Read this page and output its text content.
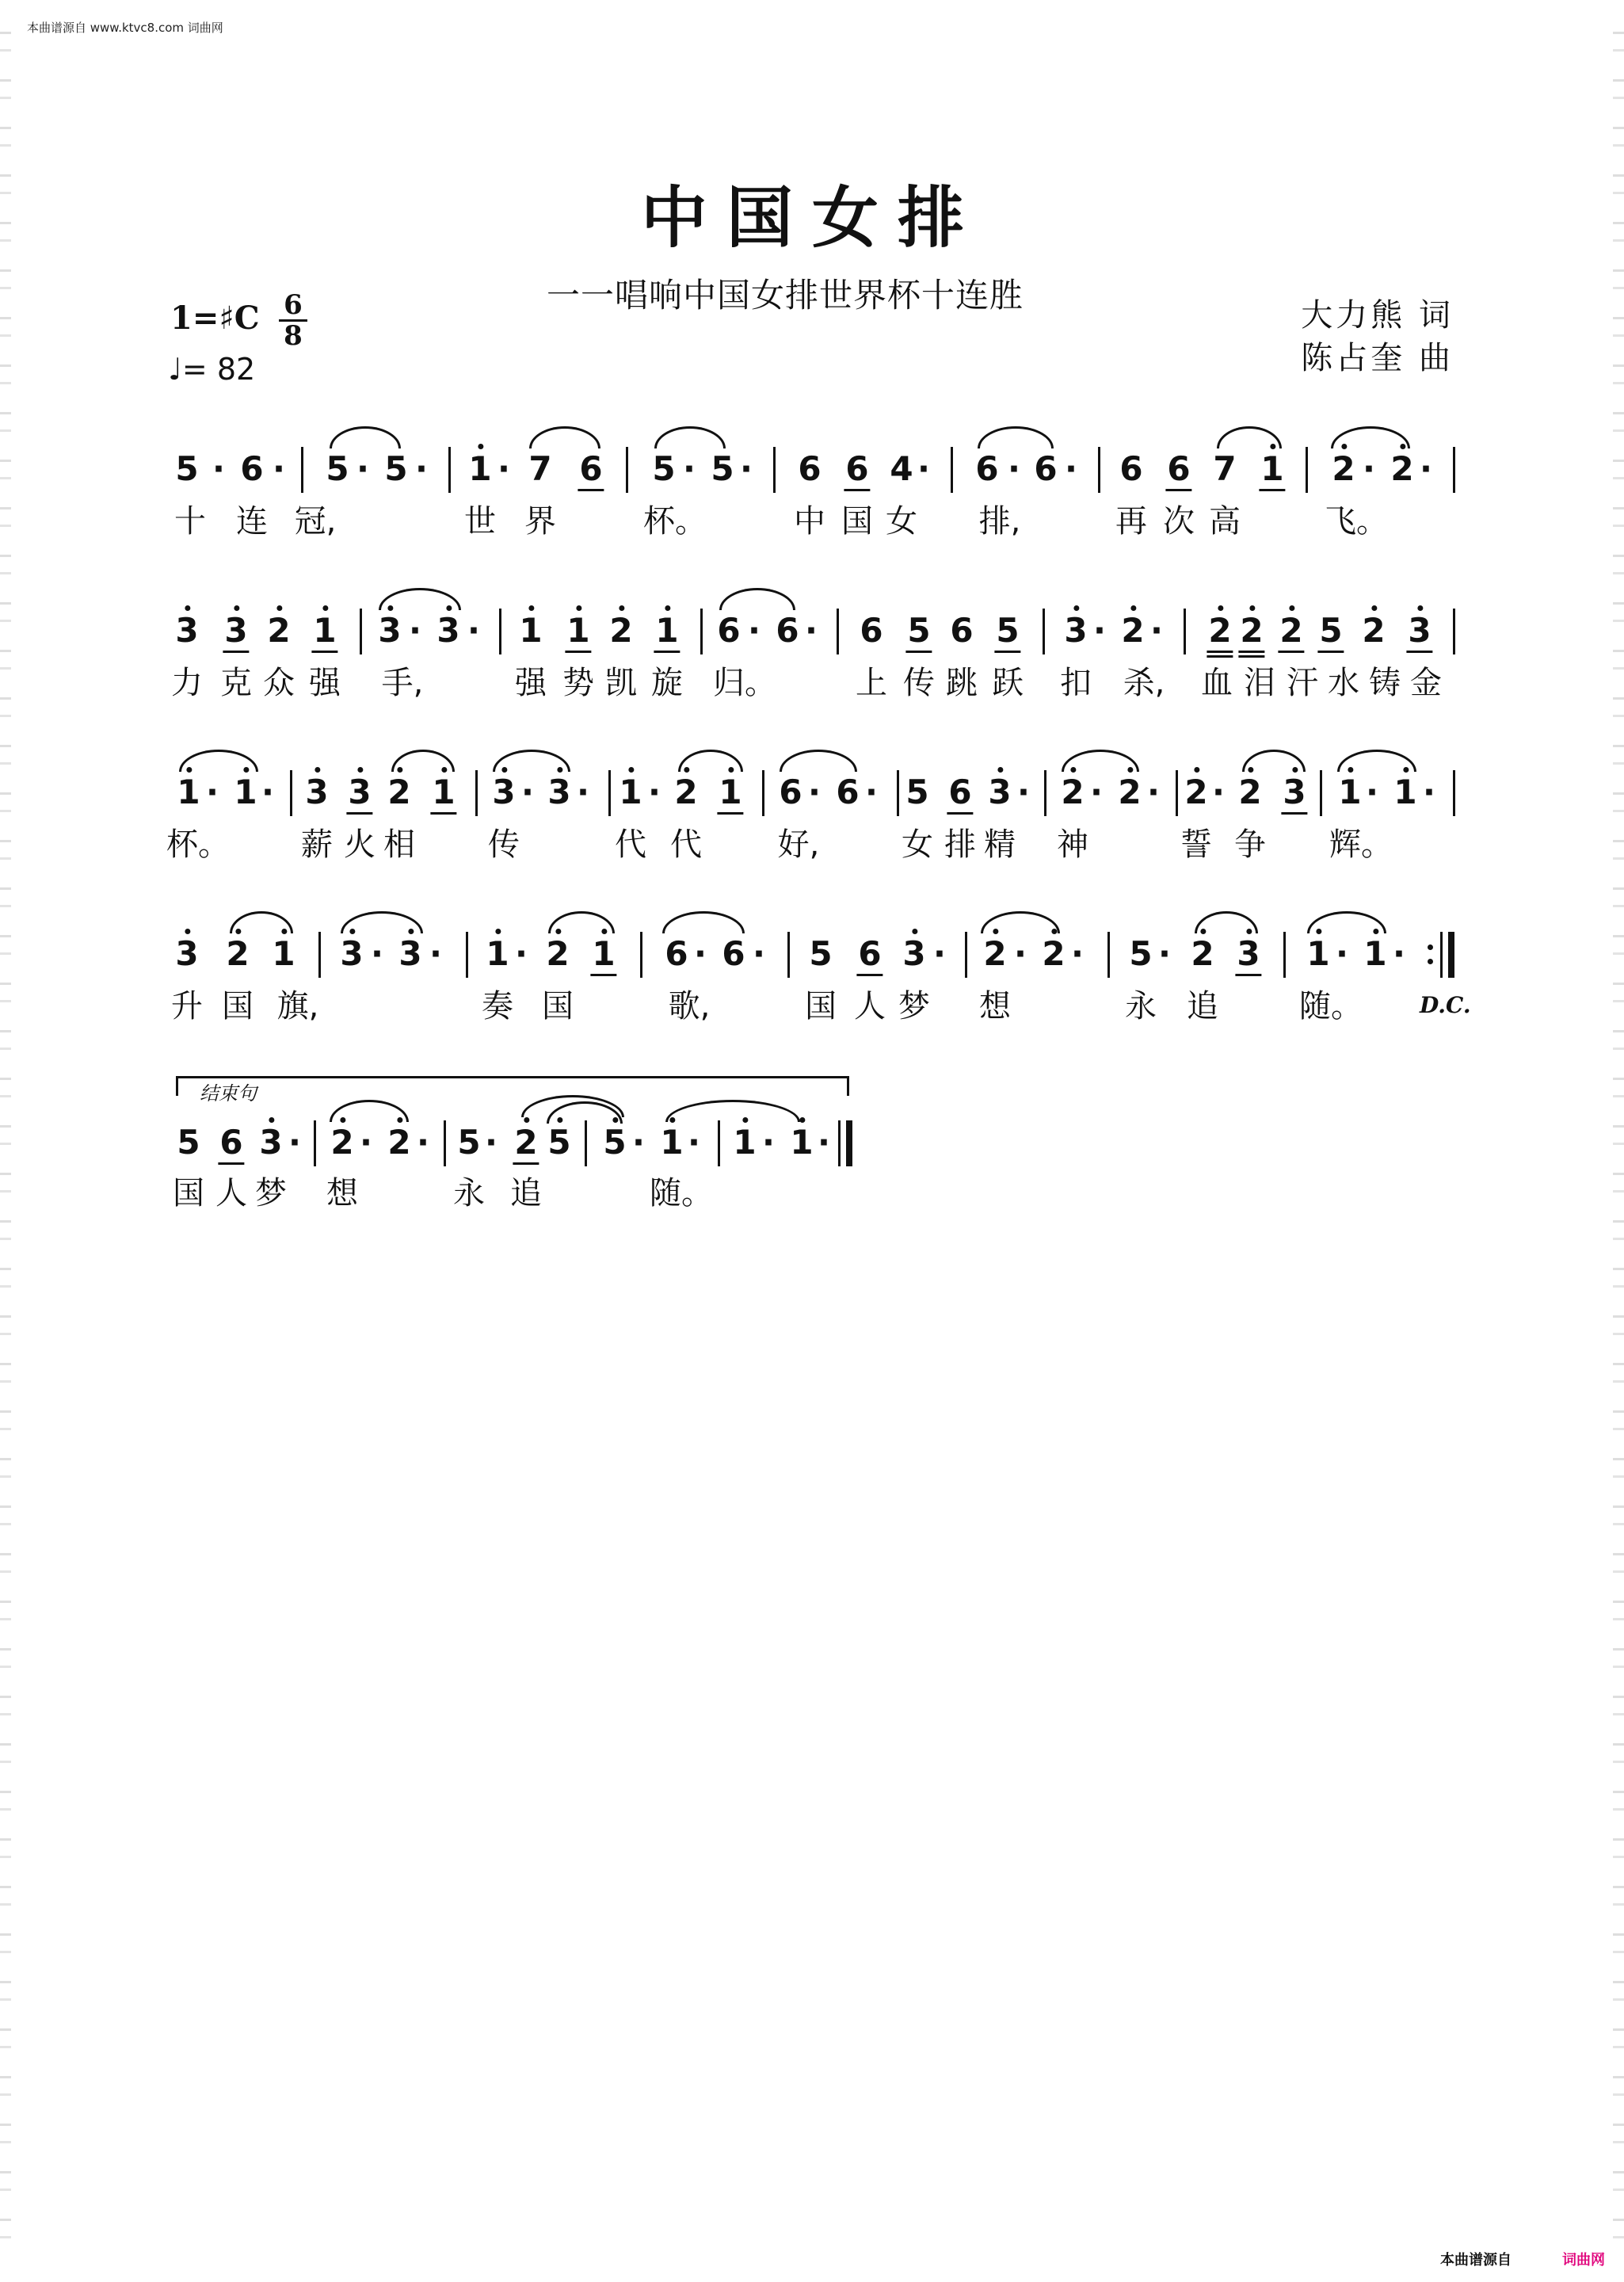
本曲谱源自 www.ktvc8.com 词曲网
中国女排
一一唱响中国女排世界杯十连胜
大力熊 词
陈占奎 曲
1=♯C 6
8
♩= 82
5 · 6 · 5 · 5 · 1 · 7 6 5 · 5 · 6 6 4 · 6 · 6 · 6 6 7 1 2 · 2 ·
十 连 冠,	世 界	杯。	中 国 女 排,	再 次 高	飞。
3 3 2 1 3 · 3 · 1 1 2 1 6 · 6 · 6 5 6 5 3 · 2 · 2 2 2 5 2 3
力 克 众 强 手,	强 势 凯 旋 归。	上 传 跳 跃 扣 杀, 血 泪 汗 水 铸 金
1 · 1 · 3 3 2 1 3 · 3 · 1 · 2 1 6 · 6 · 5 6 3 · 2 · 2 · 2 · 2 3 1 · 1 ·
杯。 薪 火 相 传	代 代 好,	女 排 精 神	誓 争 辉。
3 2 1 3 · 3 · 1 · 2 1 6 · 6 · 5 6 3 · 2 · 2 · 5 · 2 3 1 · 1 ·
升 国 旗,	奏 国	歌,	国 人 梦 想	永 追	随。	D.C.
结束句
5 6 3 · 2 · 2 · 5 · 2 5 5 · 1 · 1 · 1 ·
国 人 梦 想	永 追	随。
本曲谱源自	词曲网
